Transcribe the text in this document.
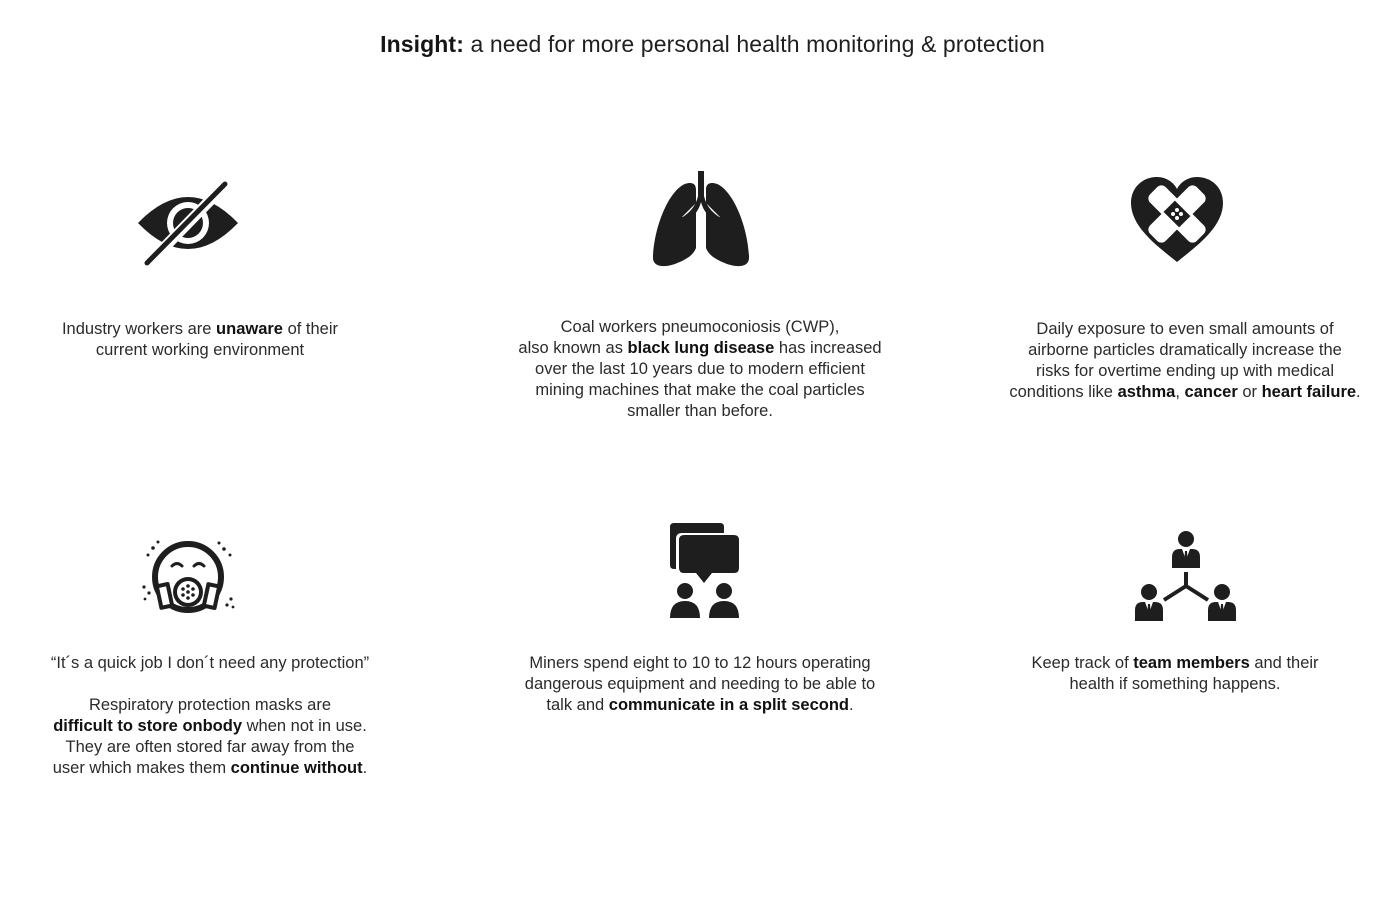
Insight: a need for more personal health monitoring & protection
Industry workers are unaware of their
current working environment
Coal workers pneumoconiosis (CWP),
also known as black lung disease has increased
over the last 10 years due to modern efficient
mining machines that make the coal particles
smaller than before.
Daily exposure to even small amounts of
airborne particles dramatically increase the
risks for overtime ending up with medical
conditions like asthma, cancer or heart failure.
“It´s a quick job I don´t need any protection”
Respiratory protection masks are
difficult to store onbody when not in use.
They are often stored far away from the
user which makes them continue without.
Miners spend eight to 10 to 12 hours operating
dangerous equipment and needing to be able to
talk and communicate in a split second.
Keep track of team members and their
health if something happens.
